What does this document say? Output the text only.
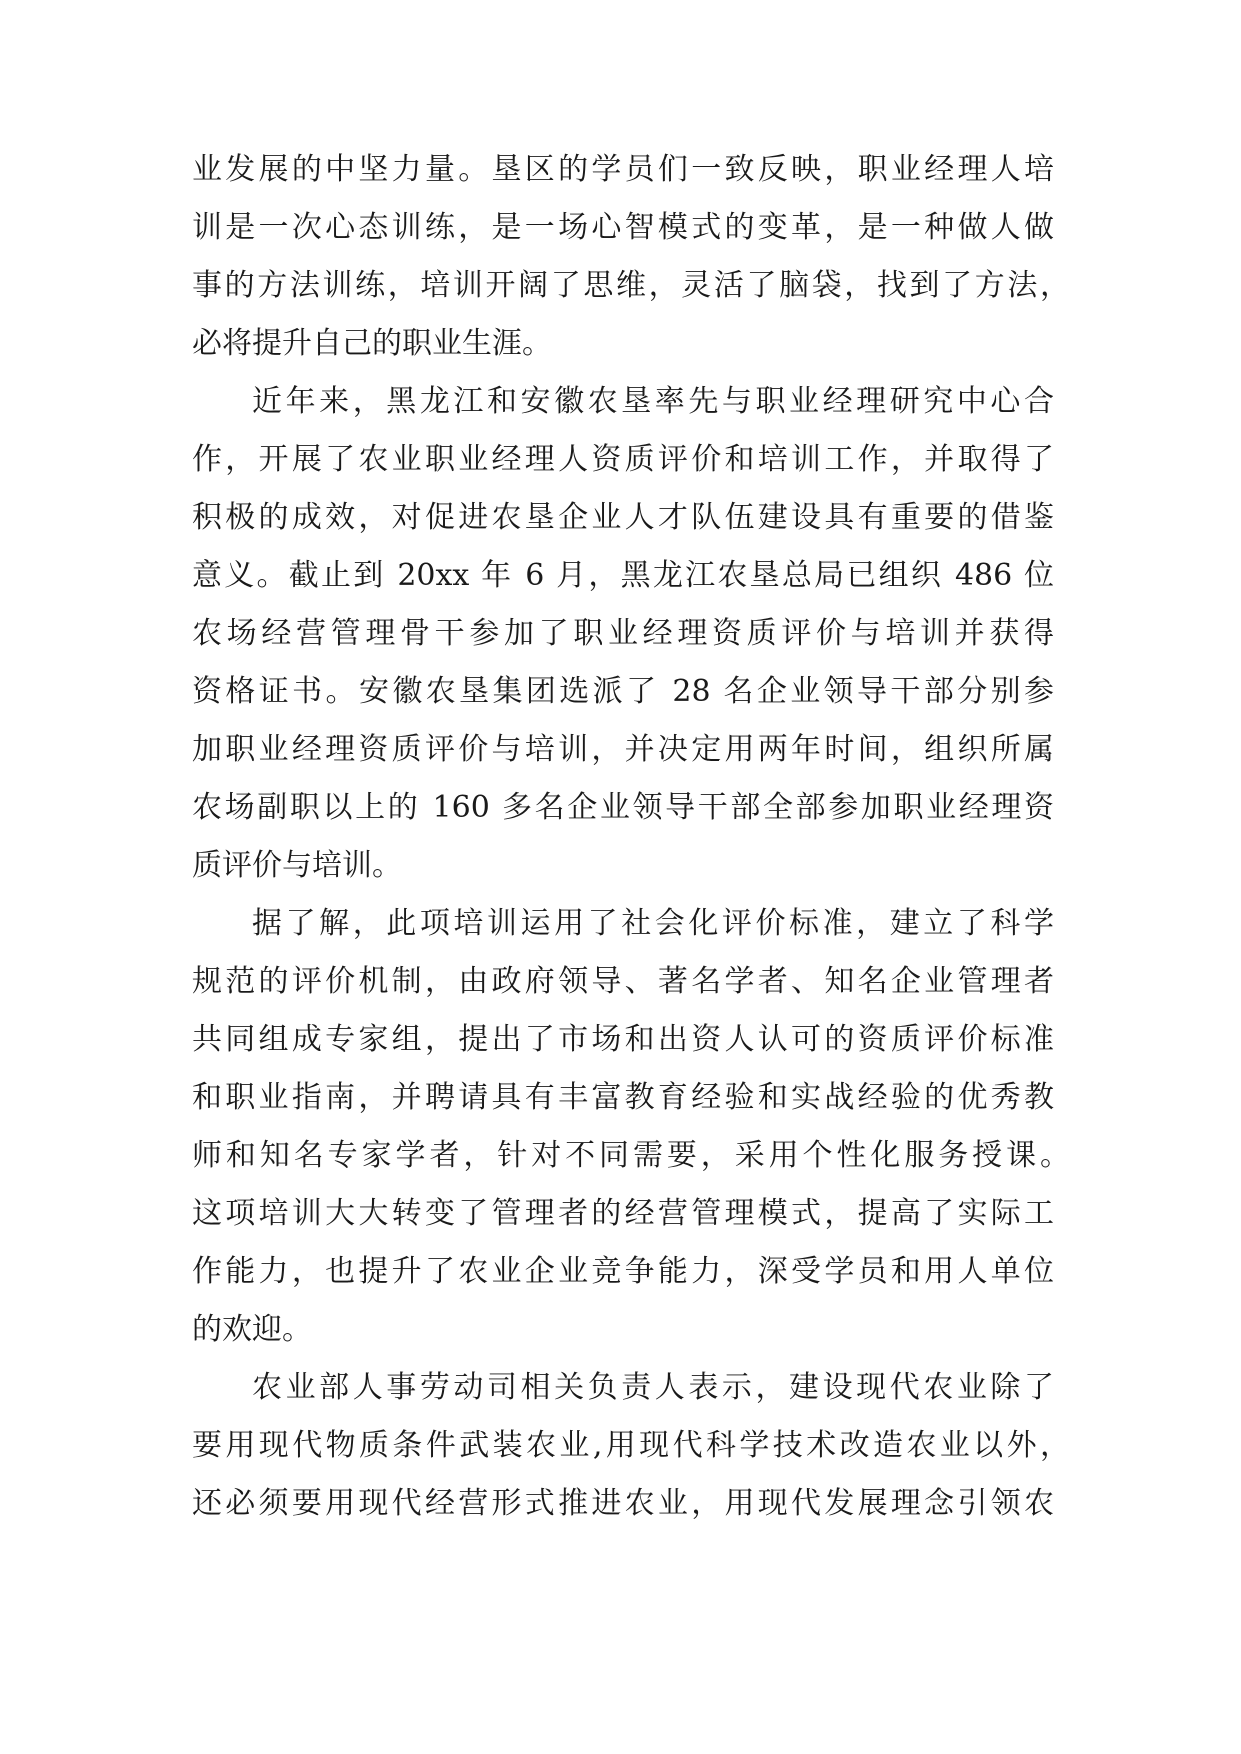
业发展的中坚力量。垦区的学员们一致反映，职业经理人培
训是一次心态训练，是一场心智模式的变革，是一种做人做
事的方法训练，培训开阔了思维，灵活了脑袋，找到了方法，
必将提升自己的职业生涯。
近年来，黑龙江和安徽农垦率先与职业经理研究中心合
作，开展了农业职业经理人资质评价和培训工作，并取得了
积极的成效，对促进农垦企业人才队伍建设具有重要的借鉴
意义。截止到 20xx 年 6 月，黑龙江农垦总局已组织 486 位
农场经营管理骨干参加了职业经理资质评价与培训并获得
资格证书。安徽农垦集团选派了 28 名企业领导干部分别参
加职业经理资质评价与培训，并决定用两年时间，组织所属
农场副职以上的 160 多名企业领导干部全部参加职业经理资
质评价与培训。
据了解，此项培训运用了社会化评价标准，建立了科学
规范的评价机制，由政府领导、著名学者、知名企业管理者
共同组成专家组，提出了市场和出资人认可的资质评价标准
和职业指南，并聘请具有丰富教育经验和实战经验的优秀教
师和知名专家学者，针对不同需要，采用个性化服务授课。
这项培训大大转变了管理者的经营管理模式，提高了实际工
作能力，也提升了农业企业竞争能力，深受学员和用人单位
的欢迎。
农业部人事劳动司相关负责人表示，建设现代农业除了
要用现代物质条件武装农业,用现代科学技术改造农业以外，
还必须要用现代经营形式推进农业，用现代发展理念引领农
